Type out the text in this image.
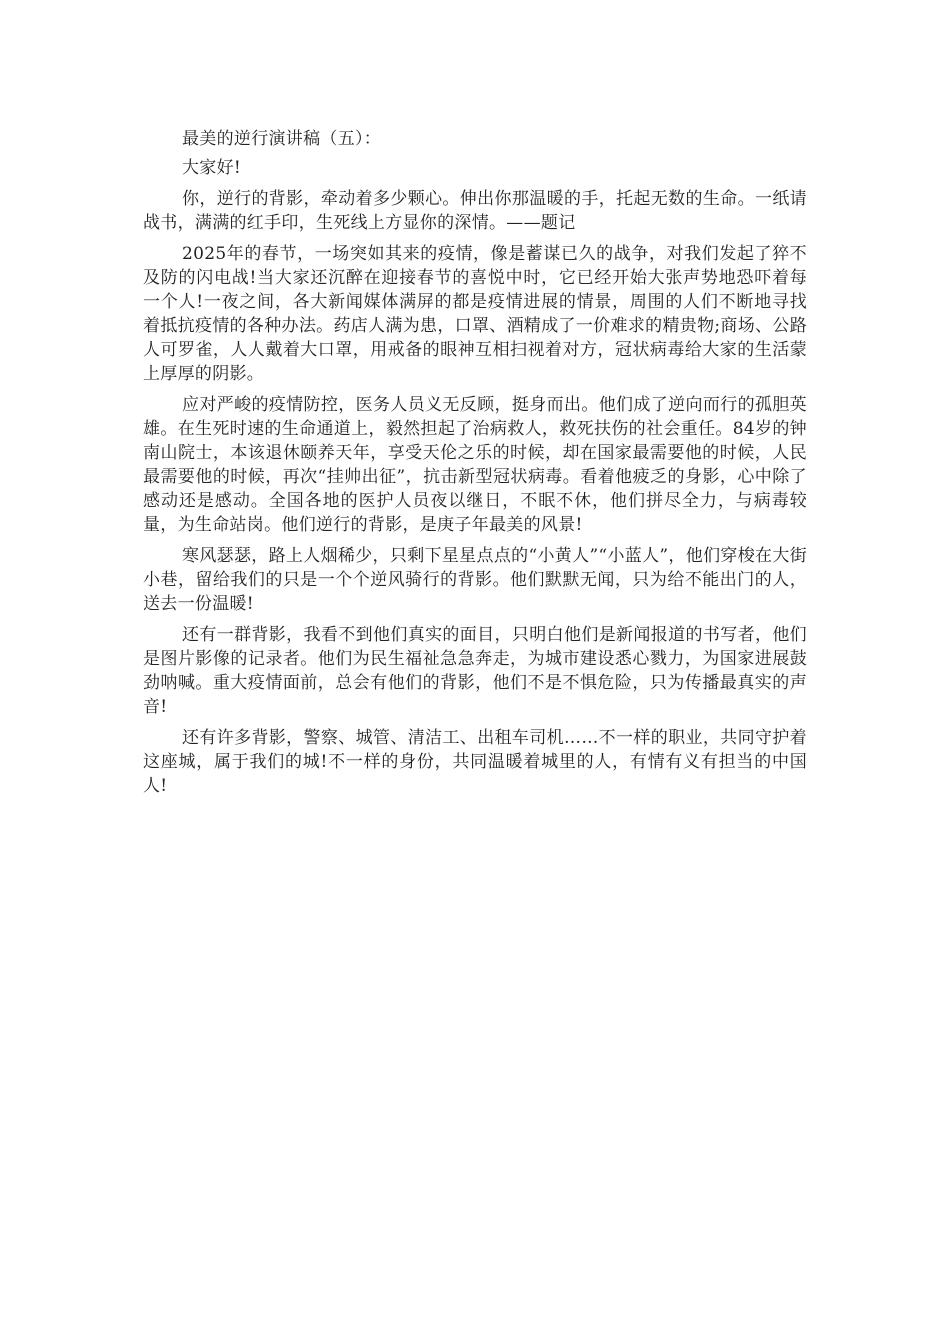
最美的逆行演讲稿（五）：

大家好!

你，逆行的背影，牵动着多少颗心。伸出你那温暖的手，托起无数的生命。一纸请战书，满满的红手印，生死线上方显你的深情。——题记

2025年的春节，一场突如其来的疫情，像是蓄谋已久的战争，对我们发起了猝不及防的闪电战!当大家还沉醉在迎接春节的喜悦中时，它已经开始大张声势地恐吓着每一个人!一夜之间，各大新闻媒体满屏的都是疫情进展的情景，周围的人们不断地寻找着抵抗疫情的各种办法。药店人满为患，口罩、酒精成了一价难求的精贵物;商场、公路人可罗雀，人人戴着大口罩，用戒备的眼神互相扫视着对方，冠状病毒给大家的生活蒙上厚厚的阴影。

应对严峻的疫情防控，医务人员义无反顾，挺身而出。他们成了逆向而行的孤胆英雄。在生死时速的生命通道上，毅然担起了治病救人，救死扶伤的社会重任。84岁的钟南山院士，本该退休颐养天年，享受天伦之乐的时候，却在国家最需要他的时候，人民最需要他的时候，再次“挂帅出征”，抗击新型冠状病毒。看着他疲乏的身影，心中除了感动还是感动。全国各地的医护人员夜以继日，不眠不休，他们拼尽全力，与病毒较量，为生命站岗。他们逆行的背影，是庚子年最美的风景!

寒风瑟瑟，路上人烟稀少，只剩下星星点点的“小黄人”“小蓝人”，他们穿梭在大街小巷，留给我们的只是一个个逆风骑行的背影。他们默默无闻，只为给不能出门的人，送去一份温暖!

还有一群背影，我看不到他们真实的面目，只明白他们是新闻报道的书写者，他们是图片影像的记录者。他们为民生福祉急急奔走，为城市建设悉心戮力，为国家进展鼓劲呐喊。重大疫情面前，总会有他们的背影，他们不是不惧危险，只为传播最真实的声音!

还有许多背影，警察、城管、清洁工、出租车司机……不一样的职业，共同守护着这座城，属于我们的城!不一样的身份，共同温暖着城里的人，有情有义有担当的中国人!
